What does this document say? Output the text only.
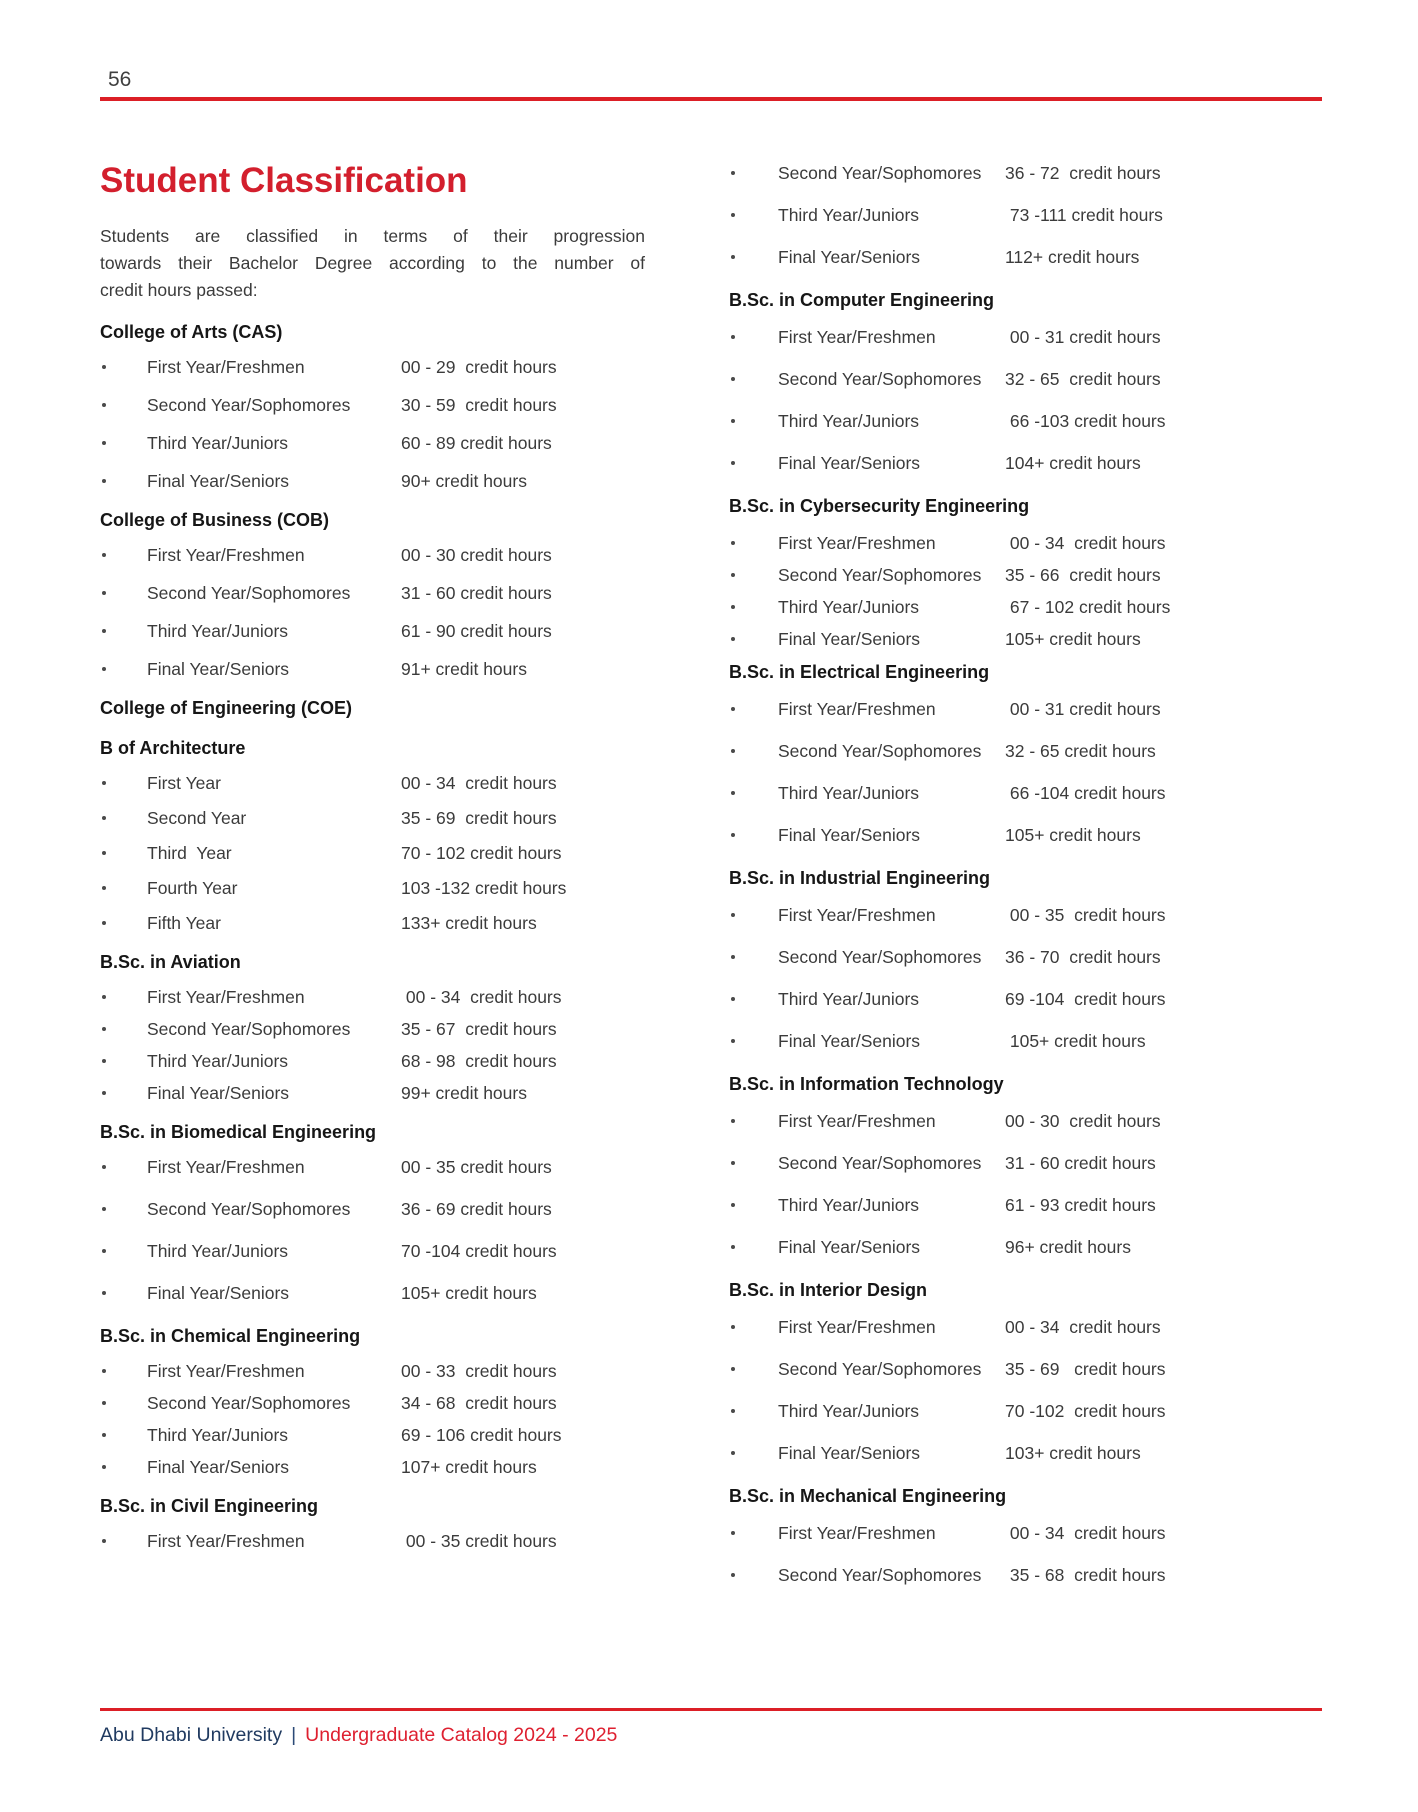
56
Student Classification
Students are classified in terms of their progression
towards their Bachelor Degree according to the number of
credit hours passed:
College of Arts (CAS)
First Year/Freshmen	00 - 29  credit hours
Second Year/Sophomores	30 - 59  credit hours
Third Year/Juniors	60 - 89 credit hours
Final Year/Seniors	90+ credit hours
College of Business (COB)
First Year/Freshmen	00 - 30 credit hours
Second Year/Sophomores	31 - 60 credit hours
Third Year/Juniors	61 - 90 credit hours
Final Year/Seniors	91+ credit hours
College of Engineering (COE)
B of Architecture
First Year	00 - 34  credit hours
Second Year	35 - 69  credit hours
Third  Year	70 - 102 credit hours
Fourth Year	103 -132 credit hours
Fifth Year	133+ credit hours
B.Sc. in Aviation
First Year/Freshmen	00 - 34  credit hours
Second Year/Sophomores	35 - 67  credit hours
Third Year/Juniors	68 - 98  credit hours
Final Year/Seniors	99+ credit hours
B.Sc. in Biomedical Engineering
First Year/Freshmen	00 - 35 credit hours
Second Year/Sophomores	36 - 69 credit hours
Third Year/Juniors	70 -104 credit hours
Final Year/Seniors	105+ credit hours
B.Sc. in Chemical Engineering
First Year/Freshmen	00 - 33  credit hours
Second Year/Sophomores	34 - 68  credit hours
Third Year/Juniors	69 - 106 credit hours
Final Year/Seniors	107+ credit hours
B.Sc. in Civil Engineering
First Year/Freshmen	00 - 35 credit hours
Second Year/Sophomores	36 - 72  credit hours
Third Year/Juniors	73 -111 credit hours
Final Year/Seniors	112+ credit hours
B.Sc. in Computer Engineering
First Year/Freshmen	00 - 31 credit hours
Second Year/Sophomores	32 - 65  credit hours
Third Year/Juniors	66 -103 credit hours
Final Year/Seniors	104+ credit hours
B.Sc. in Cybersecurity Engineering
First Year/Freshmen	00 - 34  credit hours
Second Year/Sophomores	35 - 66  credit hours
Third Year/Juniors	67 - 102 credit hours
Final Year/Seniors	105+ credit hours
B.Sc. in Electrical Engineering
First Year/Freshmen	00 - 31 credit hours
Second Year/Sophomores	32 - 65 credit hours
Third Year/Juniors	66 -104 credit hours
Final Year/Seniors	105+ credit hours
B.Sc. in Industrial Engineering
First Year/Freshmen	00 - 35  credit hours
Second Year/Sophomores	36 - 70  credit hours
Third Year/Juniors	69 -104  credit hours
Final Year/Seniors	105+ credit hours
B.Sc. in Information Technology
First Year/Freshmen	00 - 30  credit hours
Second Year/Sophomores	31 - 60 credit hours
Third Year/Juniors	61 - 93 credit hours
Final Year/Seniors	96+ credit hours
B.Sc. in Interior Design
First Year/Freshmen	00 - 34  credit hours
Second Year/Sophomores	35 - 69   credit hours
Third Year/Juniors	70 -102  credit hours
Final Year/Seniors	103+ credit hours
B.Sc. in Mechanical Engineering
First Year/Freshmen	00 - 34  credit hours
Second Year/Sophomores	35 - 68  credit hours
Abu Dhabi University | Undergraduate Catalog 2024 - 2025
